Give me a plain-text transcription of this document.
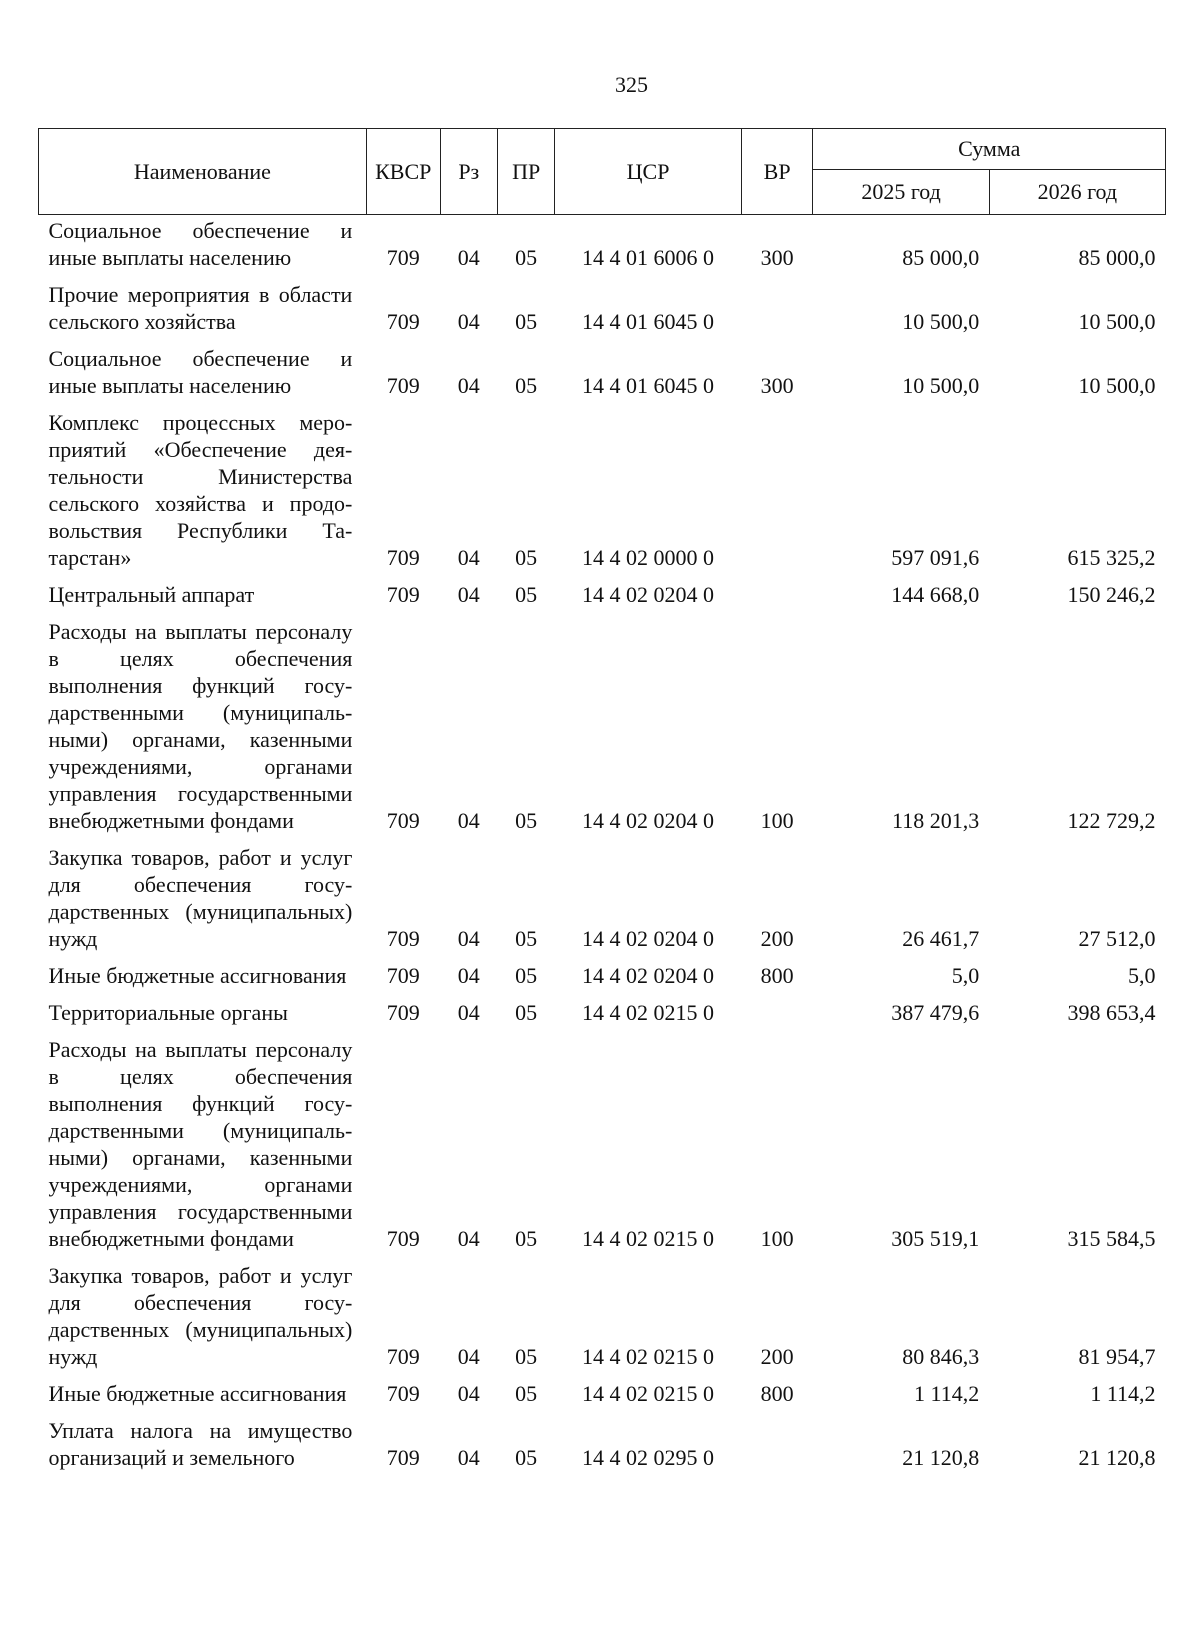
325
Наименование	КВСР	Рз	ПР	ЦСР	ВР	Сумма	
						2025 год	2026 год
Социальное обеспечение и иные выплаты населению	709	04	05	14 4 01 6006 0	300	85 000,0	85 000,0
Прочие мероприятия в области сельского хозяйства	709	04	05	14 4 01 6045 0		10 500,0	10 500,0
Социальное обеспечение и иные выплаты населению	709	04	05	14 4 01 6045 0	300	10 500,0	10 500,0
Комплекс процессных мероприятий «Обеспечение деятельности Министерства сельского хозяйства и продовольствия Республики Татарстан»	709	04	05	14 4 02 0000 0		597 091,6	615 325,2
Центральный аппарат	709	04	05	14 4 02 0204 0		144 668,0	150 246,2
Расходы на выплаты персоналу в целях обеспечения выполнения функций государственными (муниципальными) органами, казенными учреждениями, органами управления государственными внебюджетными фондами	709	04	05	14 4 02 0204 0	100	118 201,3	122 729,2
Закупка товаров, работ и услуг для обеспечения государственных (муниципальных) нужд	709	04	05	14 4 02 0204 0	200	26 461,7	27 512,0
Иные бюджетные ассигнования	709	04	05	14 4 02 0204 0	800	5,0	5,0
Территориальные органы	709	04	05	14 4 02 0215 0		387 479,6	398 653,4
Расходы на выплаты персоналу в целях обеспечения выполнения функций государственными (муниципальными) органами, казенными учреждениями, органами управления государственными внебюджетными фондами	709	04	05	14 4 02 0215 0	100	305 519,1	315 584,5
Закупка товаров, работ и услуг для обеспечения государственных (муниципальных) нужд	709	04	05	14 4 02 0215 0	200	80 846,3	81 954,7
Иные бюджетные ассигнования	709	04	05	14 4 02 0215 0	800	1 114,2	1 114,2
Уплата налога на имущество организаций и земельного	709	04	05	14 4 02 0295 0		21 120,8	21 120,8
